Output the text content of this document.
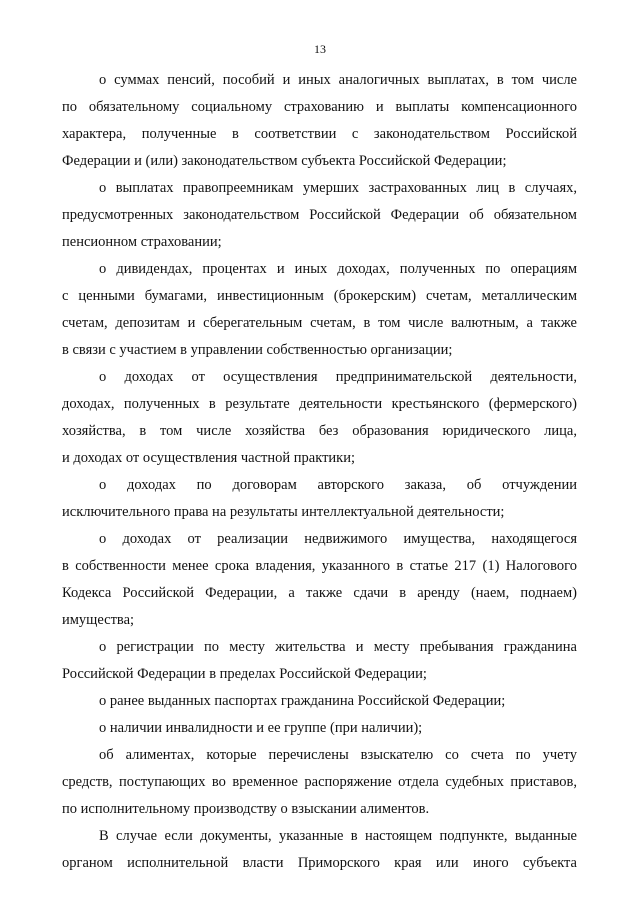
13

о суммах пенсий, пособий и иных аналогичных выплатах, в том числе
по обязательному социальному страхованию и выплаты компенсационного
характера, полученные в соответствии с законодательством Российской
Федерации и (или) законодательством субъекта Российской Федерации;

о выплатах правопреемникам умерших застрахованных лиц в случаях,
предусмотренных законодательством Российской Федерации об обязательном
пенсионном страховании;

о дивидендах, процентах и иных доходах, полученных по операциям
с ценными бумагами, инвестиционным (брокерским) счетам, металлическим
счетам, депозитам и сберегательным счетам, в том числе валютным, а также
в связи с участием в управлении собственностью организации;

о доходах от осуществления предпринимательской деятельности,
доходах, полученных в результате деятельности крестьянского (фермерского)
хозяйства, в том числе хозяйства без образования юридического лица,
и доходах от осуществления частной практики;

о доходах по договорам авторского заказа, об отчуждении
исключительного права на результаты интеллектуальной деятельности;

о доходах от реализации недвижимого имущества, находящегося
в собственности менее срока владения, указанного в статье 217 (1) Налогового
Кодекса Российской Федерации, а также сдачи в аренду (наем, поднаем)
имущества;

о регистрации по месту жительства и месту пребывания гражданина
Российской Федерации в пределах Российской Федерации;

о ранее выданных паспортах гражданина Российской Федерации;

о наличии инвалидности и ее группе (при наличии);

об алиментах, которые перечислены взыскателю со счета по учету
средств, поступающих во временное распоряжение отдела судебных приставов,
по исполнительному производству о взыскании алиментов.

В случае если документы, указанные в настоящем подпункте, выданные
органом исполнительной власти Приморского края или иного субъекта
